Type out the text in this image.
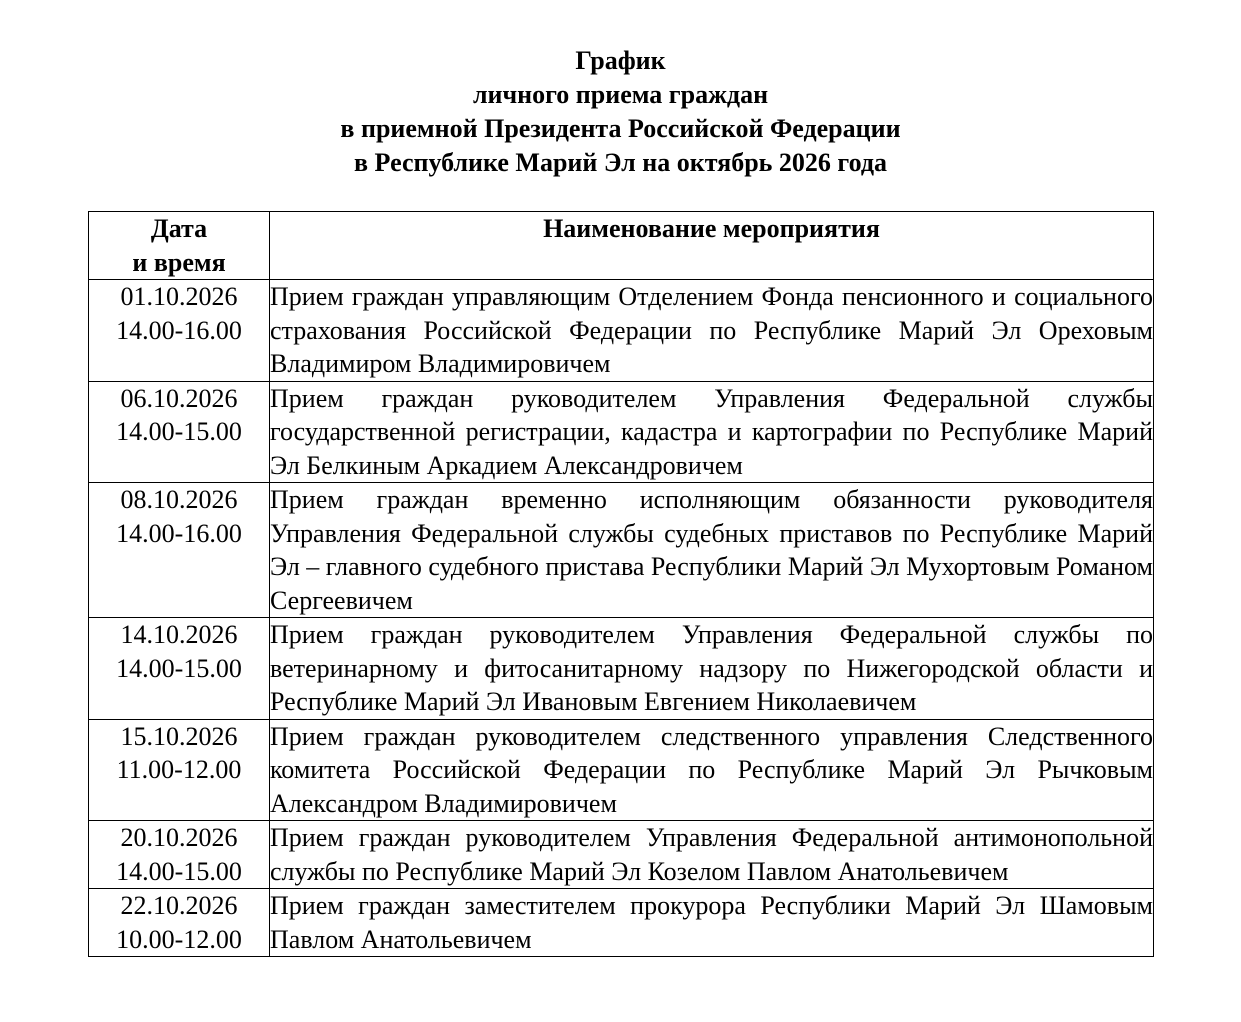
График
личного приема граждан
в приемной Президента Российской Федерации
в Республике Марий Эл на октябрь 2026 года
Дата
и время	Наименование мероприятия

01.10.2026
14.00-16.00	Прием граждан управляющим Отделением Фонда пенсионного и социального страхования Российской Федерации по Республике Марий Эл Ореховым Владимиром Владимировичем

06.10.2026
14.00-15.00	Прием граждан руководителем Управления Федеральной службы государственной регистрации, кадастра и картографии по Республике Марий Эл Белкиным Аркадием Александровичем

08.10.2026
14.00-16.00	Прием граждан временно исполняющим обязанности руководителя Управления Федеральной службы судебных приставов по Республике Марий Эл – главного судебного пристава Республики Марий Эл Мухортовым Романом Сергеевичем

14.10.2026
14.00-15.00	Прием граждан руководителем Управления Федеральной службы по ветеринарному и фитосанитарному надзору по Нижегородской области и Республике Марий Эл Ивановым Евгением Николаевичем

15.10.2026
11.00-12.00	Прием граждан руководителем следственного управления Следственного комитета Российской Федерации по Республике Марий Эл Рычковым Александром Владимировичем

20.10.2026
14.00-15.00	Прием граждан руководителем Управления Федеральной антимонопольной службы по Республике Марий Эл Козелом Павлом Анатольевичем

22.10.2026
10.00-12.00	Прием граждан заместителем прокурора Республики Марий Эл Шамовым Павлом Анатольевичем
